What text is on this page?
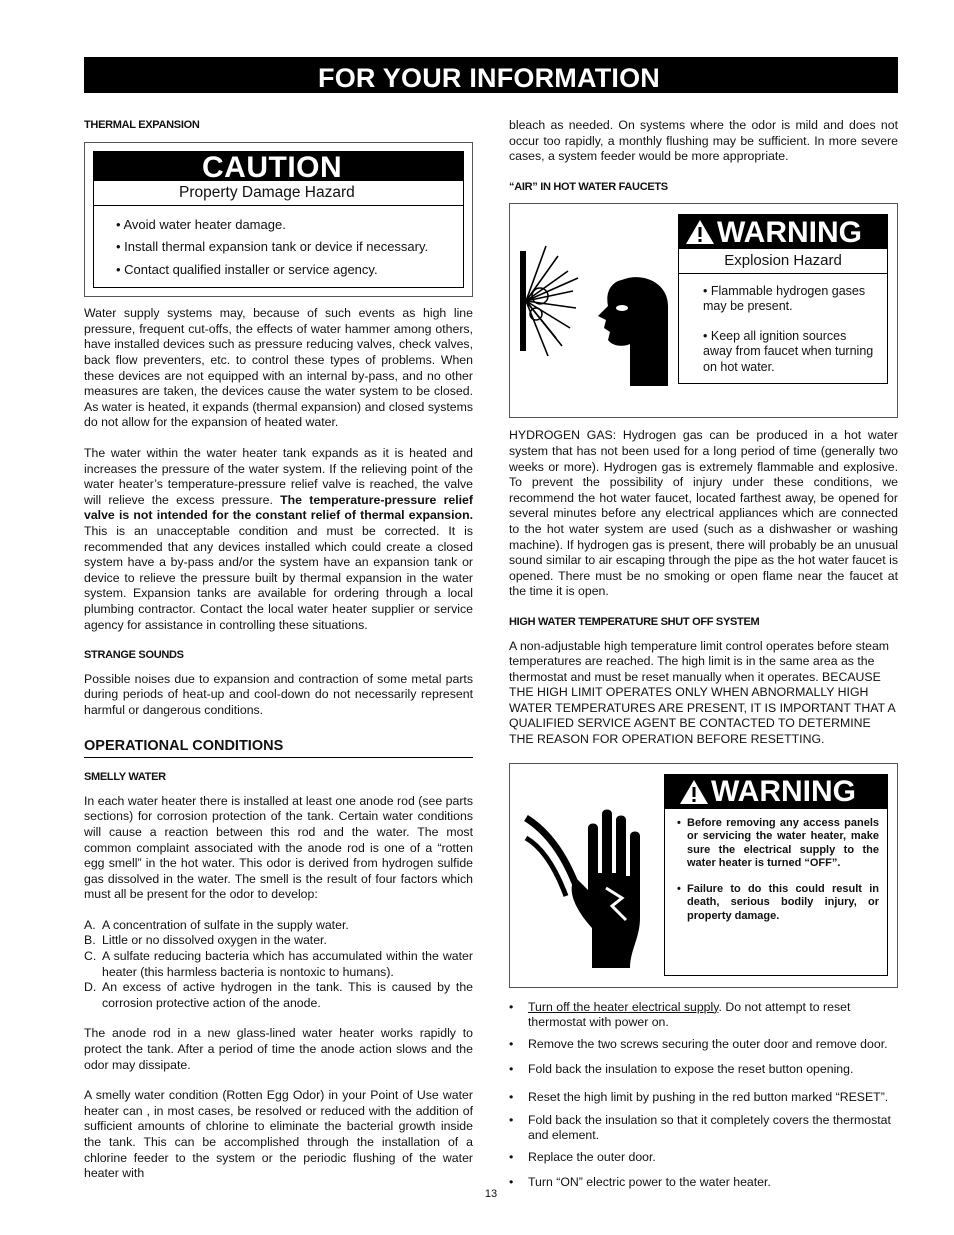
FOR YOUR INFORMATION
THERMAL EXPANSION
CAUTION
Property Damage Hazard
• Avoid water heater damage.
• Install thermal expansion tank or device if necessary.
• Contact qualified installer or service agency.

Water supply systems may, because of such events as high line pressure, frequent cut-offs, the effects of water hammer among others, have installed devices such as pressure reducing valves, check valves, back flow preventers, etc. to control these types of problems. When these devices are not equipped with an internal by-pass, and no other measures are taken, the devices cause the water system to be closed. As water is heated, it expands (thermal expansion) and closed systems do not allow for the expansion of heated water.

The water within the water heater tank expands as it is heated and increases the pressure of the water system. If the relieving point of the water heater’s temperature-pressure relief valve is reached, the valve will relieve the excess pressure. The temperature-pressure relief valve is not intended for the constant relief of thermal expansion. This is an unacceptable condition and must be corrected. It is recommended that any devices installed which could create a closed system have a by-pass and/or the system have an expansion tank or device to relieve the pressure built by thermal expansion in the water system. Expansion tanks are available for ordering through a local plumbing contractor. Contact the local water heater supplier or service agency for assistance in controlling these situations.

STRANGE SOUNDS

Possible noises due to expansion and contraction of some metal parts during periods of heat-up and cool-down do not necessarily represent harmful or dangerous conditions.

OPERATIONAL CONDITIONS
SMELLY WATER

In each water heater there is installed at least one anode rod (see parts sections) for corrosion protection of the tank. Certain water conditions will cause a reaction between this rod and the water. The most common complaint associated with the anode rod is one of a “rotten egg smell” in the hot water. This odor is derived from hydrogen sulfide gas dissolved in the water. The smell is the result of four factors which must all be present for the odor to develop:

A. A concentration of sulfate in the supply water.
B. Little or no dissolved oxygen in the water.
C. A sulfate reducing bacteria which has accumulated within the water heater (this harmless bacteria is nontoxic to humans).
D. An excess of active hydrogen in the tank. This is caused by the corrosion protective action of the anode.

The anode rod in a new glass-lined water heater works rapidly to protect the tank. After a period of time the anode action slows and the odor may dissipate.

A smelly water condition (Rotten Egg Odor) in your Point of Use water heater can , in most cases, be resolved or reduced with the addition of sufficient amounts of chlorine to eliminate the bacterial growth inside the tank. This can be accomplished through the installation of a chlorine feeder to the system or the periodic flushing of the water heater with

bleach as needed. On systems where the odor is mild and does not occur too rapidly, a monthly flushing may be sufficient. In more severe cases, a system feeder would be more appropriate.

“AIR” IN HOT WATER FAUCETS
WARNING
Explosion Hazard
• Flammable hydrogen gases may be present.
• Keep all ignition sources away from faucet when turning on hot water.

HYDROGEN GAS: Hydrogen gas can be produced in a hot water system that has not been used for a long period of time (generally two weeks or more). Hydrogen gas is extremely flammable and explosive. To prevent the possibility of injury under these conditions, we recommend the hot water faucet, located farthest away, be opened for several minutes before any electrical appliances which are connected to the hot water system are used (such as a dishwasher or washing machine). If hydrogen gas is present, there will probably be an unusual sound similar to air escaping through the pipe as the hot water faucet is opened. There must be no smoking or open flame near the faucet at the time it is open.

HIGH WATER TEMPERATURE SHUT OFF SYSTEM

A non-adjustable high temperature limit control operates before steam temperatures are reached. The high limit is in the same area as the thermostat and must be reset manually when it operates. BECAUSE THE HIGH LIMIT OPERATES ONLY WHEN ABNORMALLY HIGH WATER TEMPERATURES ARE PRESENT, IT IS IMPORTANT THAT A QUALIFIED SERVICE AGENT BE CONTACTED TO DETERMINE THE REASON FOR OPERATION BEFORE RESETTING.

WARNING
• Before removing any access panels or servicing the water heater, make sure the electrical supply to the water heater is turned “OFF”.
• Failure to do this could result in death, serious bodily injury, or property damage.
• Turn off the heater electrical supply. Do not attempt to reset thermostat with power on.
• Remove the two screws securing the outer door and remove door.
• Fold back the insulation to expose the reset button opening.
• Reset the high limit by pushing in the red button marked “RESET”.
• Fold back the insulation so that it completely covers the thermostat and element.
• Replace the outer door.
• Turn “ON” electric power to the water heater.
13
